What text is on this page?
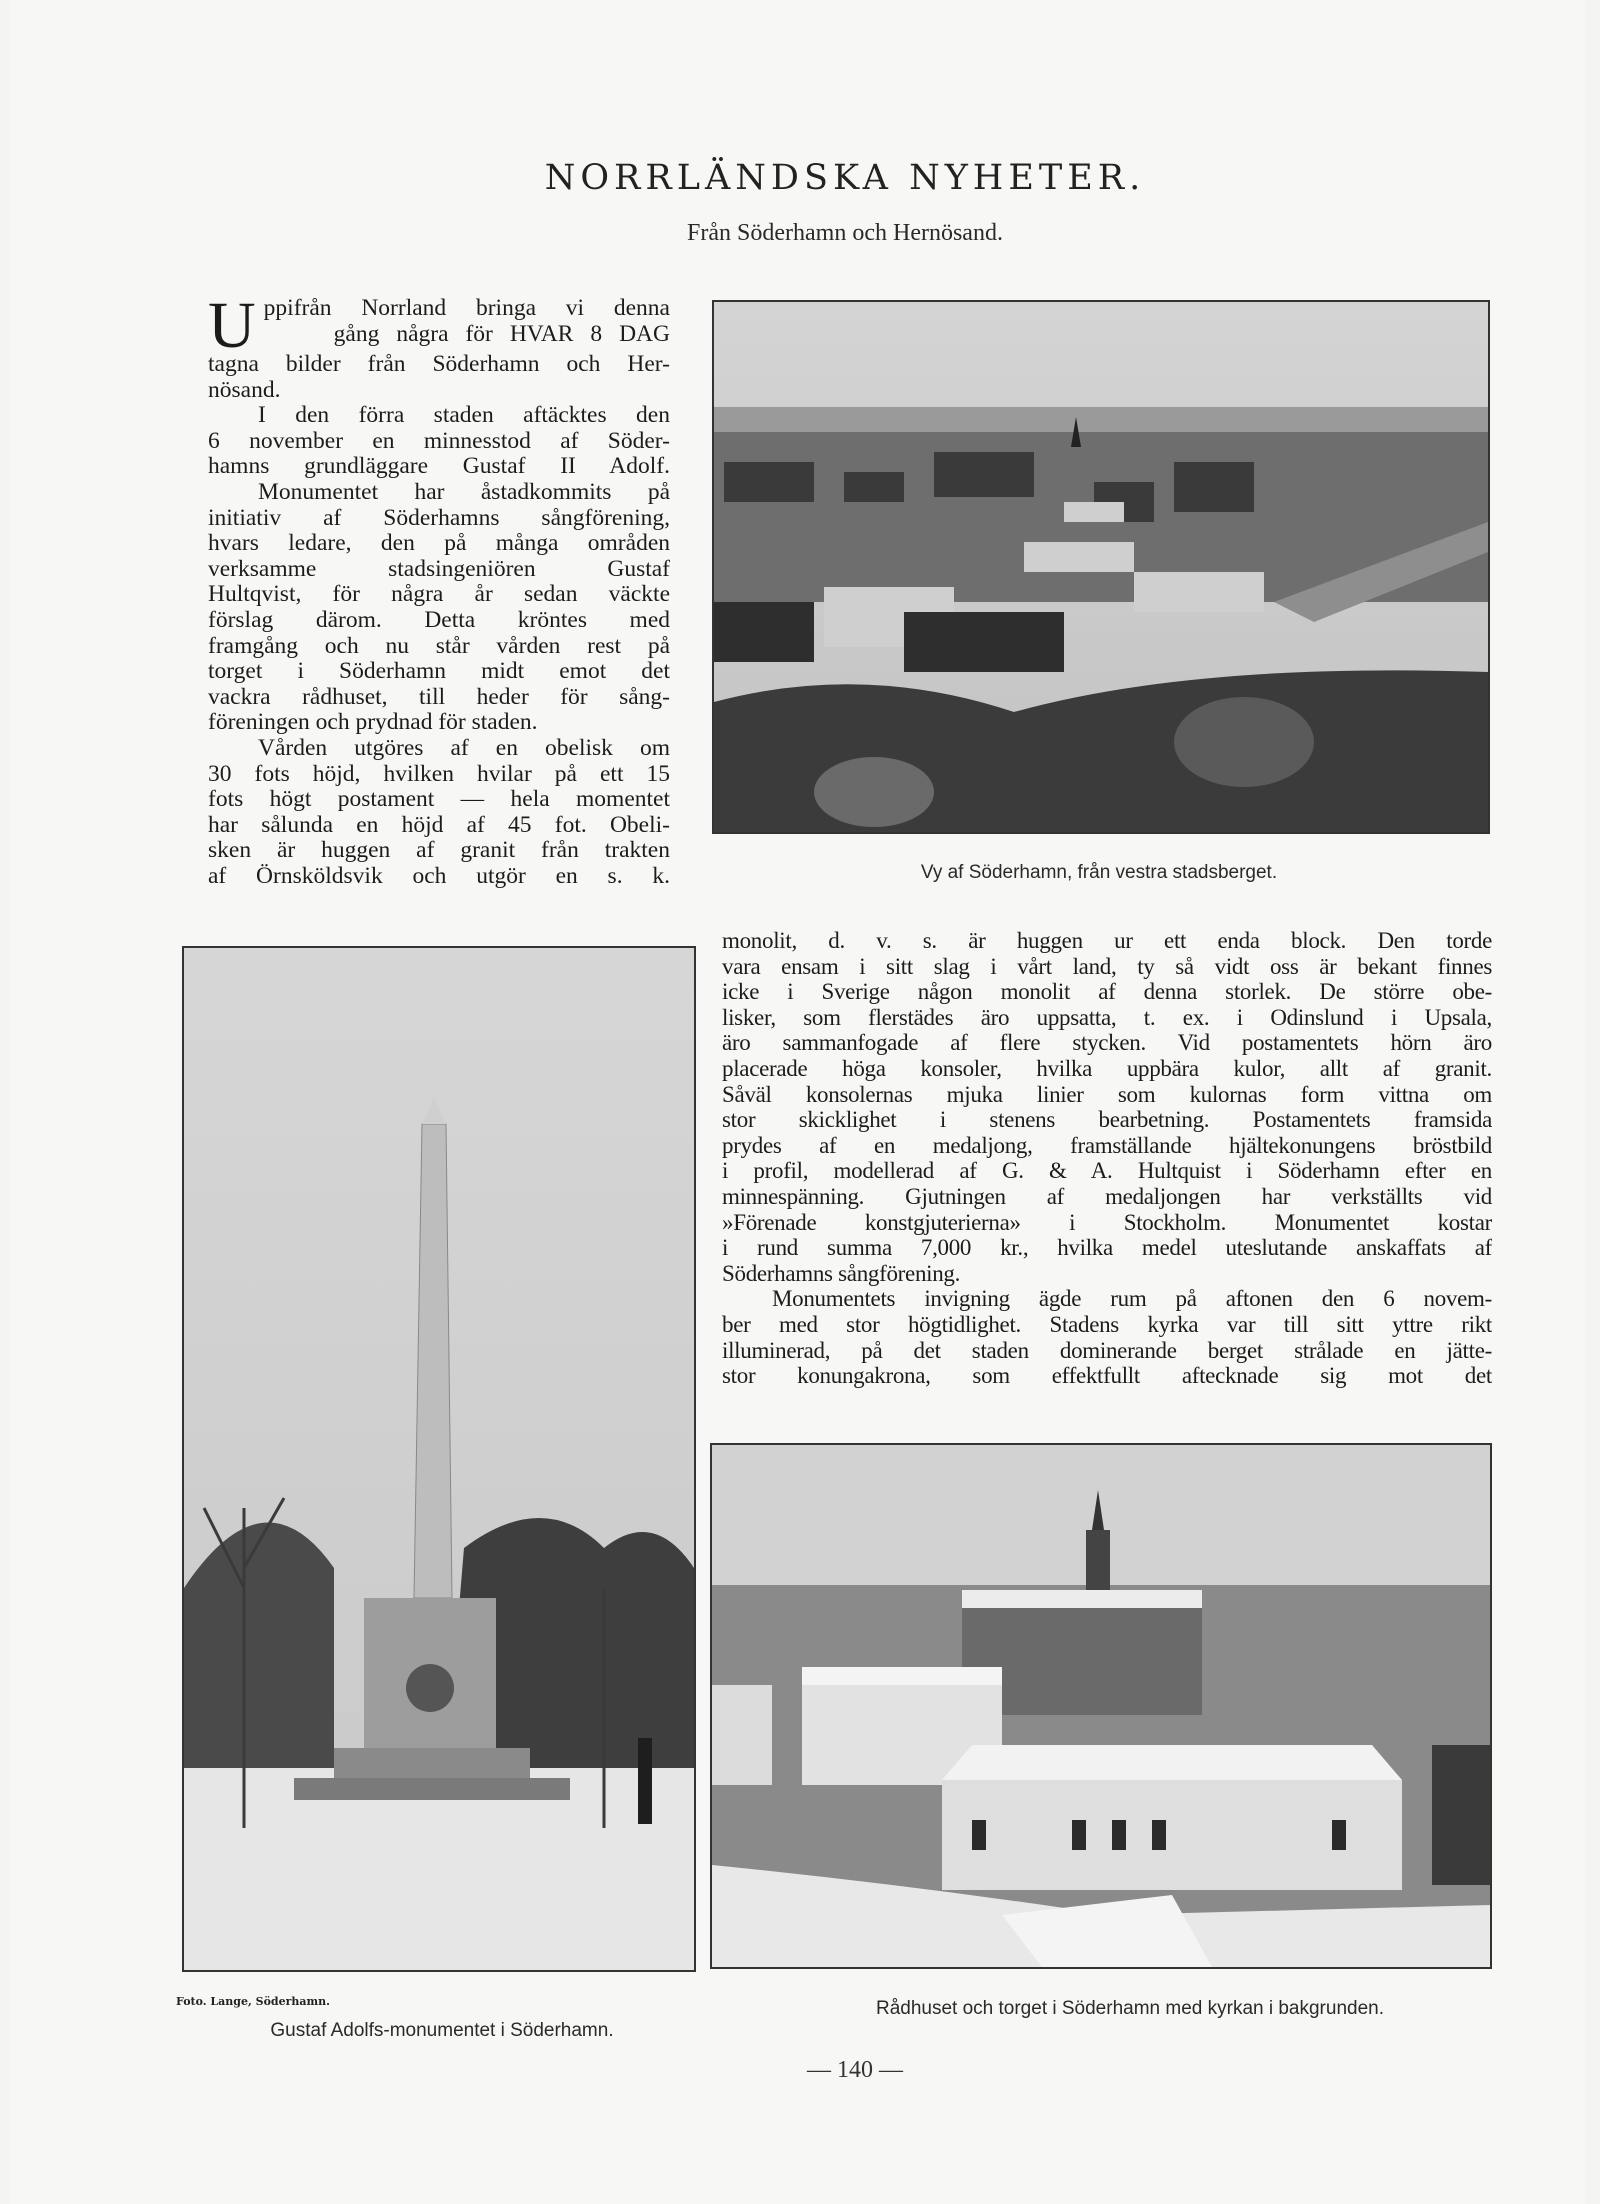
NORRLÄNDSKA NYHETER.
Från Söderhamn och Hernösand.
U ppifrån Norrland bringa vi denna
gång några för HVAR 8 DAG
tagna bilder från Söderhamn och Her-
nösand.
I den förra staden aftäcktes den
6 november en minnesstod af Söder-
hamns grundläggare Gustaf II Adolf.
Monumentet har åstadkommits på
initiativ af Söderhamns sångförening,
hvars ledare, den på många områden
verksamme stadsingeniören Gustaf
Hultqvist, för några år sedan väckte
förslag därom. Detta kröntes med
framgång och nu står vården rest på
torget i Söderhamn midt emot det
vackra rådhuset, till heder för sång-
föreningen och prydnad för staden.
Vården utgöres af en obelisk om
30 fots höjd, hvilken hvilar på ett 15
fots högt postament — hela momentet
har sålunda en höjd af 45 fot. Obeli-
sken är huggen af granit från trakten
af Örnsköldsvik och utgör en s. k.	Vy af Söderhamn, från vestra stadsberget.
Foto. Lange, Söderhamn.
Gustaf Adolfs-monumentet i Söderhamn.
monolit, d. v. s. är huggen ur ett enda block. Den torde
vara ensam i sitt slag i vårt land, ty så vidt oss är bekant finnes
icke i Sverige någon monolit af denna storlek. De större obe-
lisker, som flerstädes äro uppsatta, t. ex. i Odinslund i Upsala,
äro sammanfogade af flere stycken. Vid postamentets hörn äro
placerade höga konsoler, hvilka uppbära kulor, allt af granit.
Såväl konsolernas mjuka linier som kulornas form vittna om
stor skicklighet i stenens bearbetning. Postamentets framsida
prydes af en medaljong, framställande hjältekonungens bröstbild
i profil, modellerad af G. & A. Hultquist i Söderhamn efter en
minnespänning. Gjutningen af medaljongen har verkställts vid
»Förenade konstgjuterierna» i Stockholm. Monumentet kostar
i rund summa 7,000 kr., hvilka medel uteslutande anskaffats af
Söderhamns sångförening.
Monumentets invigning ägde rum på aftonen den 6 novem-
ber med stor högtidlighet. Stadens kyrka var till sitt yttre rikt
illuminerad, på det staden dominerande berget strålade en jätte-
stor konungakrona, som effektfullt aftecknade sig mot det
Rådhuset och torget i Söderhamn med kyrkan i bakgrunden.
— 140 —
